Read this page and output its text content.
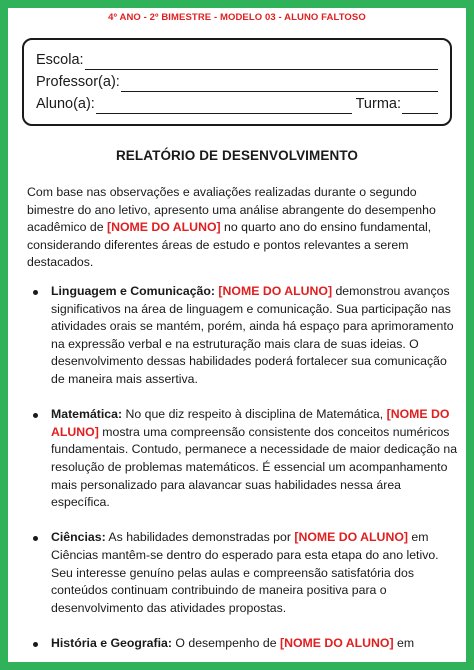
4º ANO - 2º BIMESTRE - MODELO 03 - ALUNO FALTOSO
Escola:
Professor(a):
Aluno(a):	Turma:
RELATÓRIO DE DESENVOLVIMENTO

Com base nas observações e avaliações realizadas durante o segundo bimestre do ano letivo, apresento uma análise abrangente do desempenho acadêmico de [NOME DO ALUNO] no quarto ano do ensino fundamental, considerando diferentes áreas de estudo e pontos relevantes a serem destacados.

Linguagem e Comunicação: [NOME DO ALUNO] demonstrou avanços significativos na área de linguagem e comunicação. Sua participação nas atividades orais se mantém, porém, ainda há espaço para aprimoramento na expressão verbal e na estruturação mais clara de suas ideias. O desenvolvimento dessas habilidades poderá fortalecer sua comunicação de maneira mais assertiva.
Matemática: No que diz respeito à disciplina de Matemática, [NOME DO ALUNO] mostra uma compreensão consistente dos conceitos numéricos fundamentais. Contudo, permanece a necessidade de maior dedicação na resolução de problemas matemáticos. É essencial um acompanhamento mais personalizado para alavancar suas habilidades nessa área específica.
Ciências: As habilidades demonstradas por [NOME DO ALUNO] em Ciências mantêm-se dentro do esperado para esta etapa do ano letivo. Seu interesse genuíno pelas aulas e compreensão satisfatória dos conteúdos continuam contribuindo de maneira positiva para o desenvolvimento das atividades propostas.
História e Geografia: O desempenho de [NOME DO ALUNO] em
